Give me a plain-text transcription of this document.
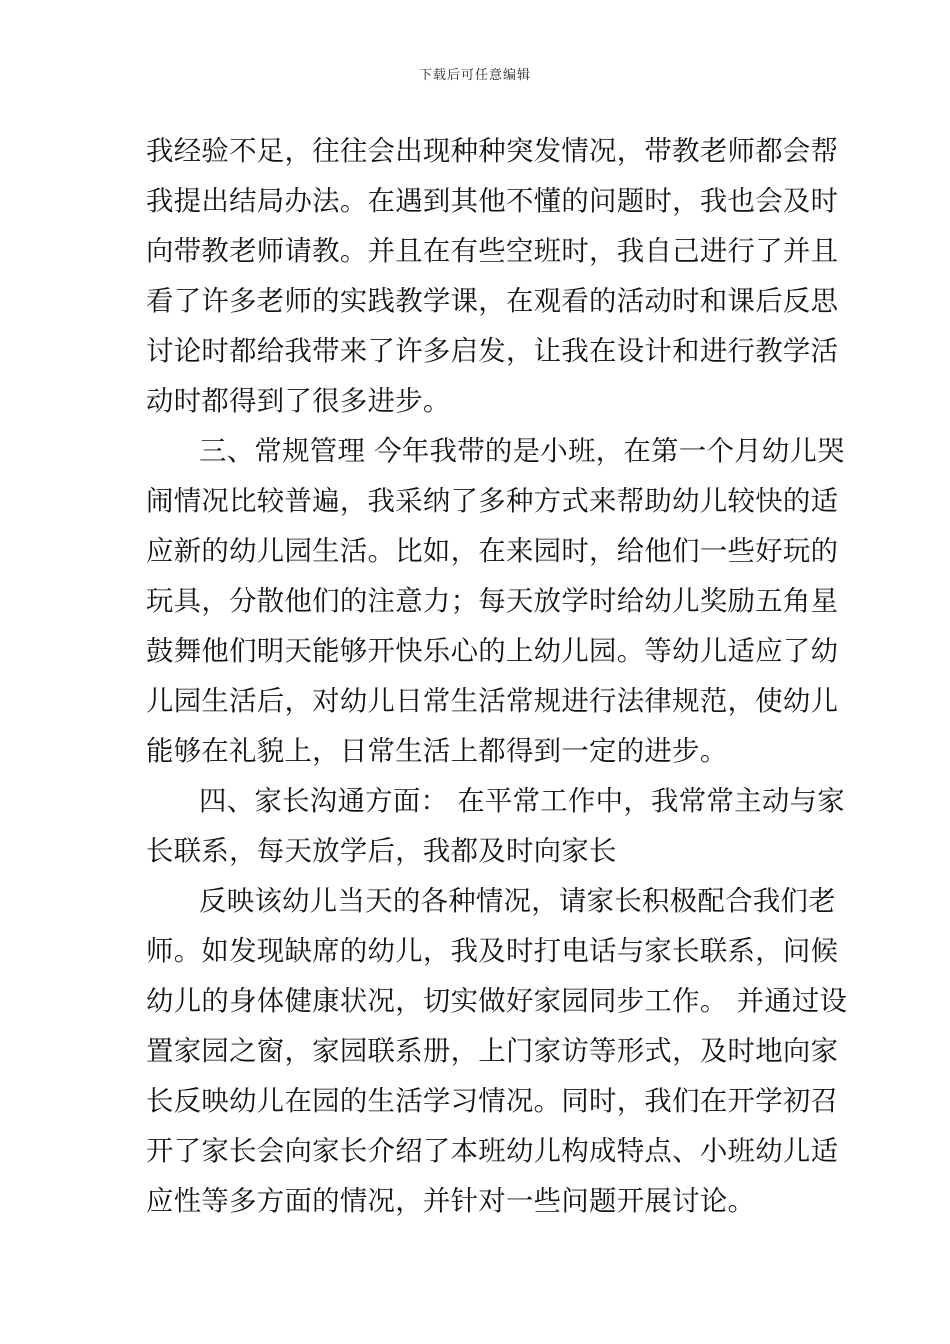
下载后可任意编辑
我经验不足，往往会出现种种突发情况，带教老师都会帮
我提出结局办法。在遇到其他不懂的问题时，我也会及时
向带教老师请教。并且在有些空班时，我自己进行了并且
看了许多老师的实践教学课，在观看的活动时和课后反思
讨论时都给我带来了许多启发，让我在设计和进行教学活
动时都得到了很多进步。
三、常规管理 今年我带的是小班，在第一个月幼儿哭
闹情况比较普遍，我采纳了多种方式来帮助幼儿较快的适
应新的幼儿园生活。比如，在来园时，给他们一些好玩的
玩具，分散他们的注意力；每天放学时给幼儿奖励五角星
鼓舞他们明天能够开快乐心的上幼儿园。等幼儿适应了幼
儿园生活后，对幼儿日常生活常规进行法律规范，使幼儿
能够在礼貌上，日常生活上都得到一定的进步。
四、家长沟通方面： 在平常工作中，我常常主动与家
长联系，每天放学后，我都及时向家长
反映该幼儿当天的各种情况，请家长积极配合我们老
师。如发现缺席的幼儿，我及时打电话与家长联系，问候
幼儿的身体健康状况，切实做好家园同步工作。 并通过设
置家园之窗，家园联系册，上门家访等形式，及时地向家
长反映幼儿在园的生活学习情况。同时，我们在开学初召
开了家长会向家长介绍了本班幼儿构成特点、小班幼儿适
应性等多方面的情况，并针对一些问题开展讨论。
